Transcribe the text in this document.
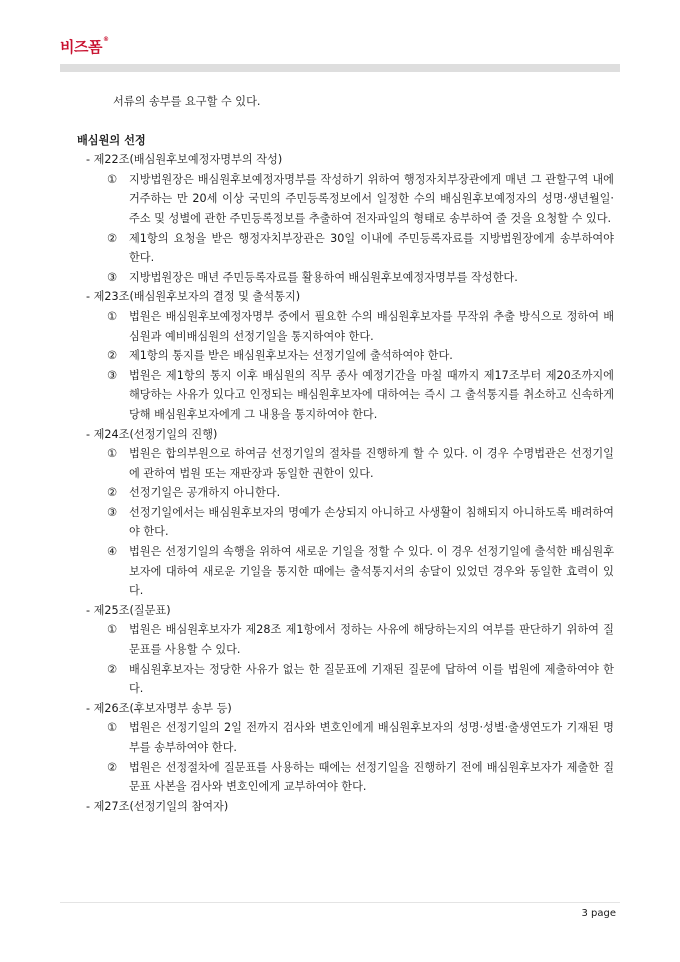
비즈폼®

서류의 송부를 요구할 수 있다.

배심원의 선정

- 제22조(배심원후보예정자명부의 작성)

①	지방법원장은 배심원후보예정자명부를 작성하기 위하여 행정자치부장관에게 매년 그 관할구역 내에 거주하는 만 20세 이상 국민의 주민등록정보에서 일정한 수의 배심원후보예정자의 성명·생년월일·주소 및 성별에 관한 주민등록정보를 추출하여 전자파일의 형태로 송부하여 줄 것을 요청할 수 있다.
②	제1항의 요청을 받은 행정자치부장관은 30일 이내에 주민등록자료를 지방법원장에게 송부하여야 한다.
③	지방법원장은 매년 주민등록자료를 활용하여 배심원후보예정자명부를 작성한다.

- 제23조(배심원후보자의 결정 및 출석통지)

①	법원은 배심원후보예정자명부 중에서 필요한 수의 배심원후보자를 무작위 추출 방식으로 정하여 배심원과 예비배심원의 선정기일을 통지하여야 한다.
②	제1항의 통지를 받은 배심원후보자는 선정기일에 출석하여야 한다.
③	법원은 제1항의 통지 이후 배심원의 직무 종사 예정기간을 마칠 때까지 제17조부터 제20조까지에 해당하는 사유가 있다고 인정되는 배심원후보자에 대하여는 즉시 그 출석통지를 취소하고 신속하게 당해 배심원후보자에게 그 내용을 통지하여야 한다.

- 제24조(선정기일의 진행)

①	법원은 합의부원으로 하여금 선정기일의 절차를 진행하게 할 수 있다. 이 경우 수명법관은 선정기일에 관하여 법원 또는 재판장과 동일한 권한이 있다.
②	선정기일은 공개하지 아니한다.
③	선정기일에서는 배심원후보자의 명예가 손상되지 아니하고 사생활이 침해되지 아니하도록 배려하여야 한다.
④	법원은 선정기일의 속행을 위하여 새로운 기일을 정할 수 있다. 이 경우 선정기일에 출석한 배심원후보자에 대하여 새로운 기일을 통지한 때에는 출석통지서의 송달이 있었던 경우와 동일한 효력이 있다.

- 제25조(질문표)

①	법원은 배심원후보자가 제28조 제1항에서 정하는 사유에 해당하는지의 여부를 판단하기 위하여 질문표를 사용할 수 있다.
②	배심원후보자는 정당한 사유가 없는 한 질문표에 기재된 질문에 답하여 이를 법원에 제출하여야 한다.

- 제26조(후보자명부 송부 등)

①	법원은 선정기일의 2일 전까지 검사와 변호인에게 배심원후보자의 성명·성별·출생연도가 기재된 명부를 송부하여야 한다.
②	법원은 선정절차에 질문표를 사용하는 때에는 선정기일을 진행하기 전에 배심원후보자가 제출한 질문표 사본을 검사와 변호인에게 교부하여야 한다.

- 제27조(선정기일의 참여자)

3 page
